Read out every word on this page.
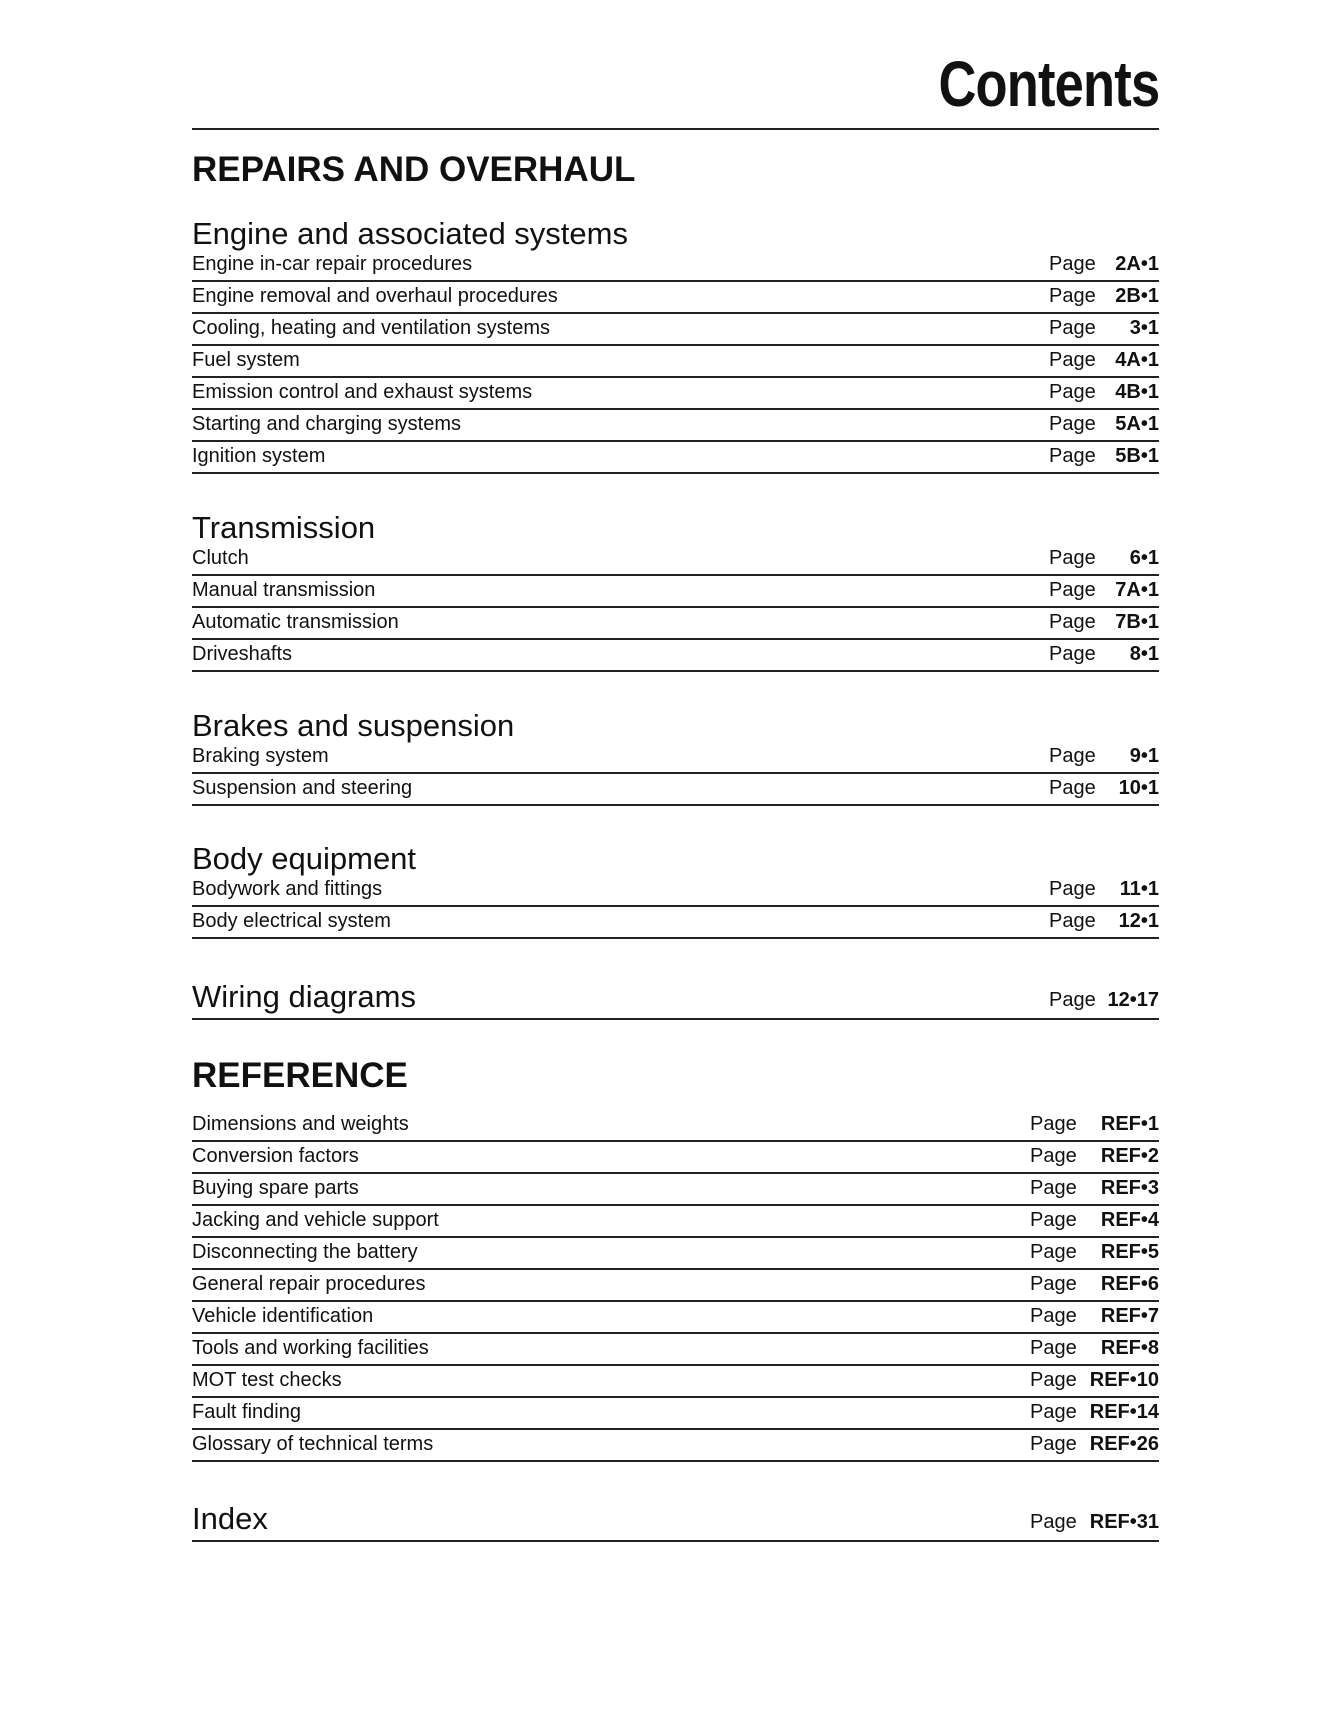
Contents
REPAIRS AND OVERHAUL
Engine and associated systems
Engine in-car repair procedures	Page 2A•1
Engine removal and overhaul procedures	Page 2B•1
Cooling, heating and ventilation systems	Page 3•1
Fuel system	Page 4A•1
Emission control and exhaust systems	Page 4B•1
Starting and charging systems	Page 5A•1
Ignition system	Page 5B•1
Transmission
Clutch	Page 6•1
Manual transmission	Page 7A•1
Automatic transmission	Page 7B•1
Driveshafts	Page 8•1
Brakes and suspension
Braking system	Page 9•1
Suspension and steering	Page 10•1
Body equipment
Bodywork and fittings	Page 11•1
Body electrical system	Page 12•1
Wiring diagrams	Page 12•17
REFERENCE
Dimensions and weights	Page REF•1
Conversion factors	Page REF•2
Buying spare parts	Page REF•3
Jacking and vehicle support	Page REF•4
Disconnecting the battery	Page REF•5
General repair procedures	Page REF•6
Vehicle identification	Page REF•7
Tools and working facilities	Page REF•8
MOT test checks	Page REF•10
Fault finding	Page REF•14
Glossary of technical terms	Page REF•26
Index	Page REF•31
